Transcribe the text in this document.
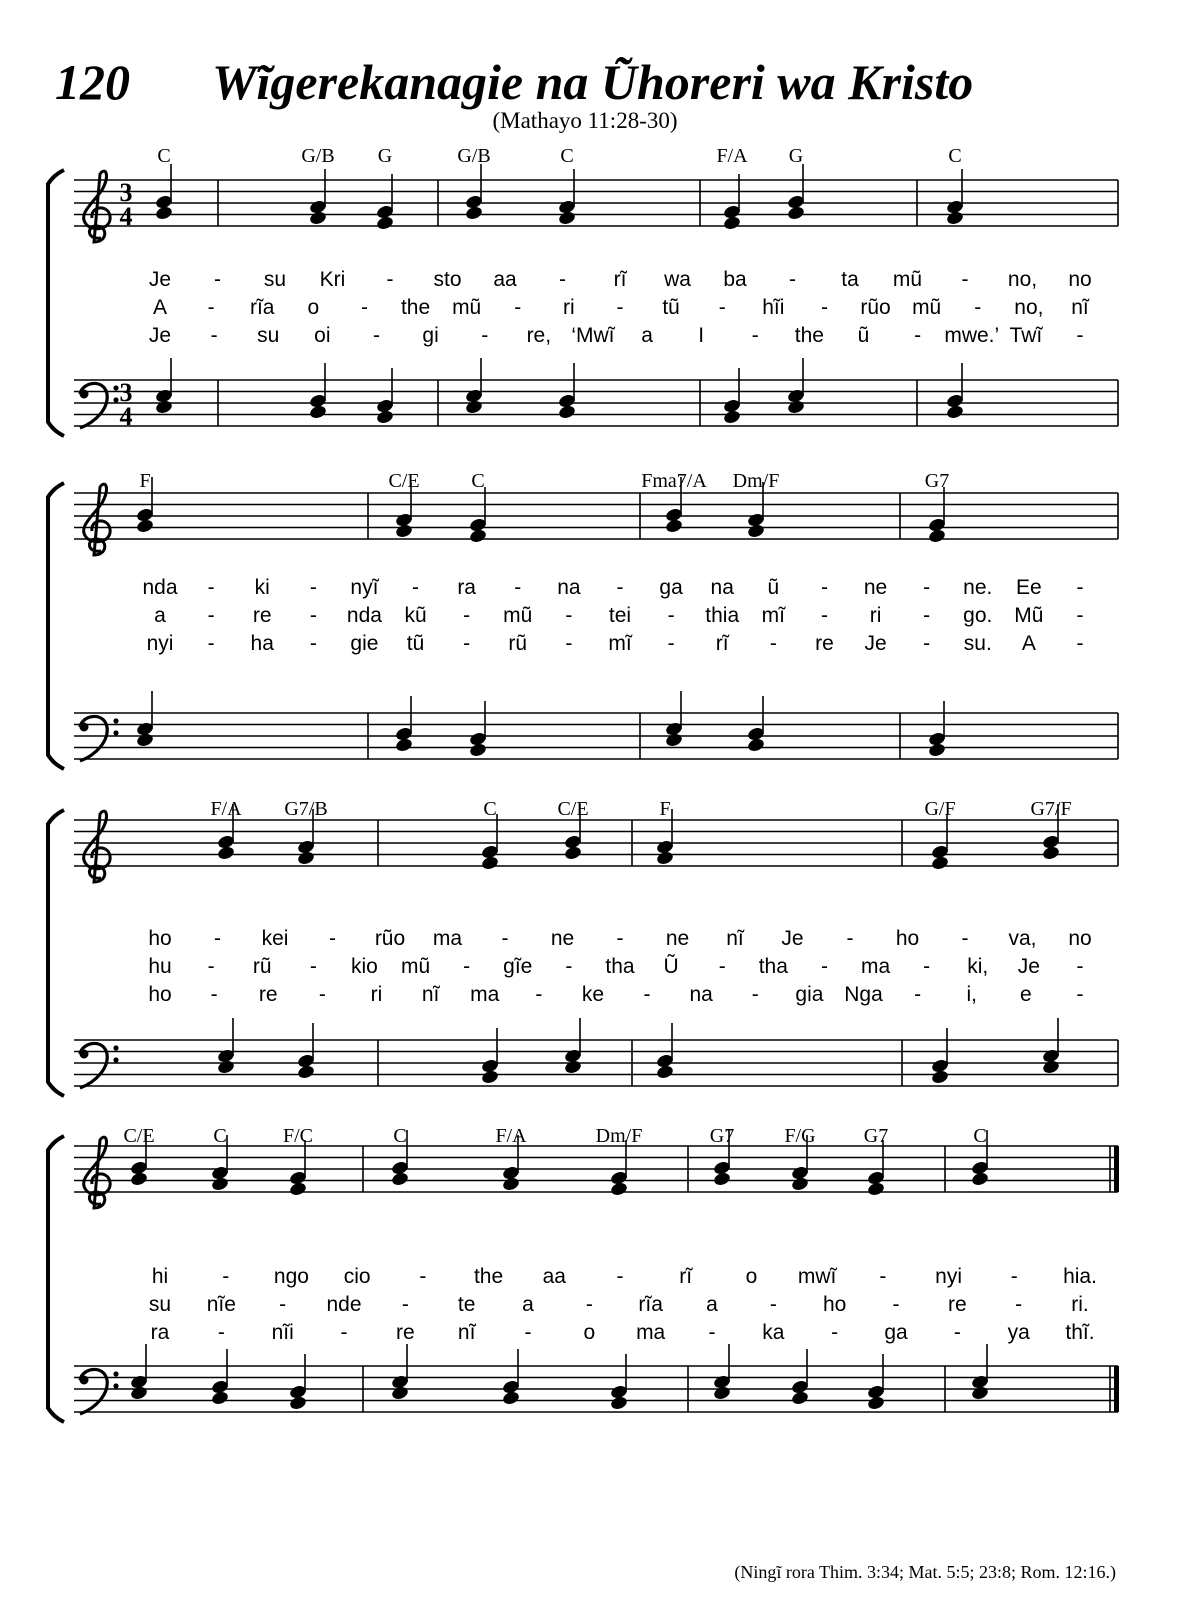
120 Wĩgerekanagie na Ũhoreri wa Kristo
(Mathayo 11:28-30)
3
4
3
4
C	G/B G	G/B	C	F/A G	C
Je - su Kri - sto aa - rĩ wa ba - ta mũ - no, no
A - rĩa o - the mũ - ri - tũ - hĩi - rũo mũ - no, nĩ
Je - su oi - gi - re, ‘Mwĩ a I - the ũ - mwe.’ Twĩ -
F	C/E	C	Fma7/A Dm/F	G7
nda - ki - nyĩ - ra - na - ga na ũ - ne - ne. Ee -
a - re - nda kũ - mũ - tei - thia mĩ - ri - go. Mũ -
nyi - ha - gie tũ - rũ - mĩ - rĩ - re Je - su. A -
F/A G7/B	C	C/E	F	G/F	G7/F
ho - kei - rũo ma - ne - ne nĩ Je - ho - va, no
hu - rũ - kio mũ - gĩe - tha Ũ - tha - ma - ki, Je -
ho - re - ri nĩ ma - ke - na - gia Nga - i, e -
C/E	C	F/C	C	F/A	Dm/F	G7	F/G G7	C
hi	- ngo cio - the aa -	rĩ	o mwĩ - nyi - hia.
su nĩe - nde - te a - rĩa a - ho - re - ri.
ra - nĩi - re nĩ - o ma - ka - ga - ya thĩ.
(Ningĩ rora Thim. 3:34; Mat. 5:5; 23:8; Rom. 12:16.)
